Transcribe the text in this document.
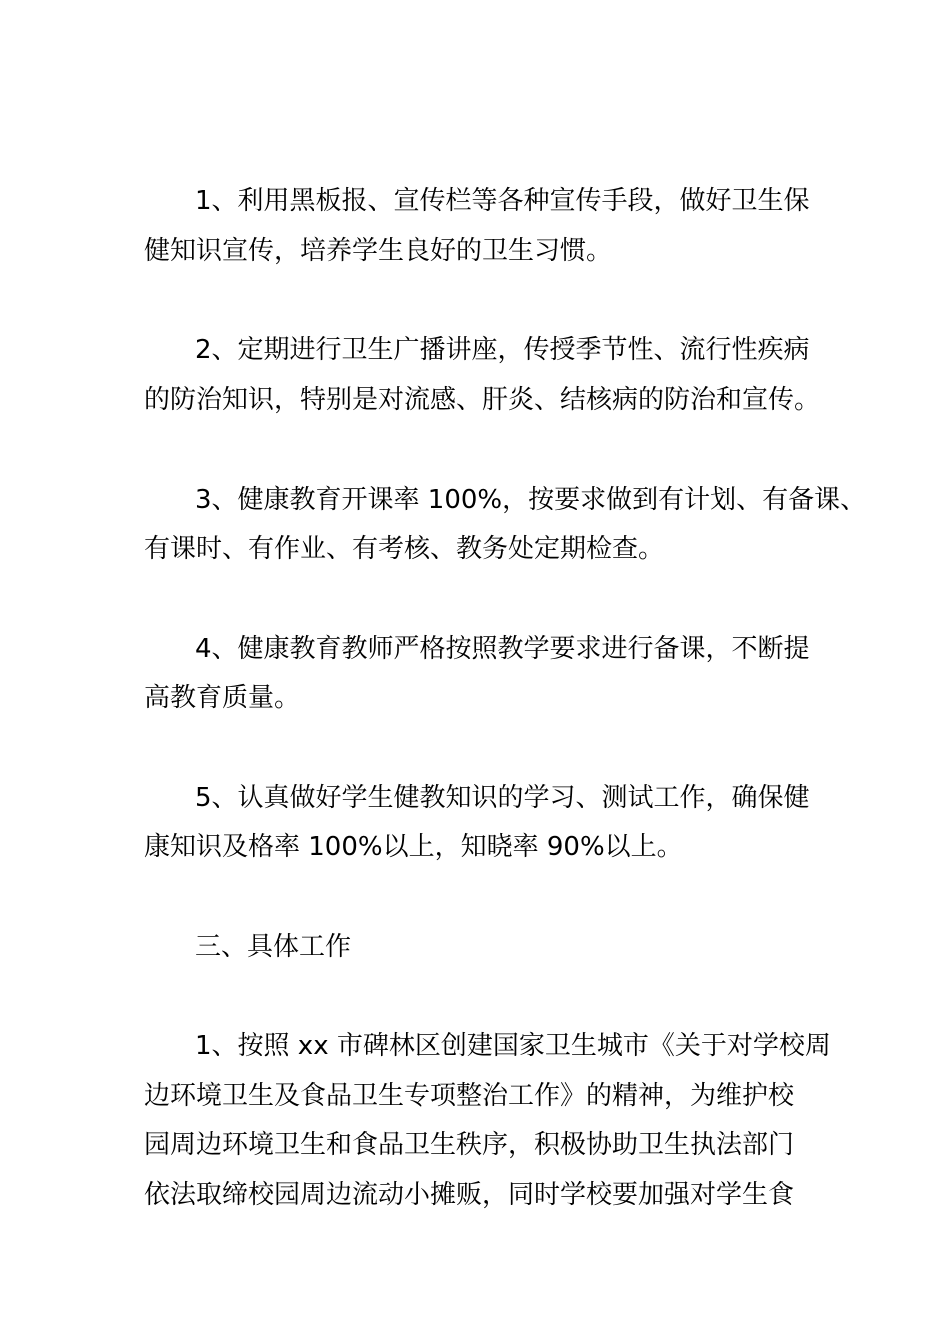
1、利用黑板报、宣传栏等各种宣传手段，做好卫生保

健知识宣传，培养学生良好的卫生习惯。

2、定期进行卫生广播讲座，传授季节性、流行性疾病

的防治知识，特别是对流感、肝炎、结核病的防治和宣传。

3、健康教育开课率 100%，按要求做到有计划、有备课、

有课时、有作业、有考核、教务处定期检查。

4、健康教育教师严格按照教学要求进行备课，不断提

高教育质量。

5、认真做好学生健教知识的学习、测试工作，确保健

康知识及格率 100%以上，知晓率 90%以上。

三、具体工作

1、按照 xx 市碑林区创建国家卫生城市《关于对学校周

边环境卫生及食品卫生专项整治工作》的精神，为维护校

园周边环境卫生和食品卫生秩序，积极协助卫生执法部门

依法取缔校园周边流动小摊贩，同时学校要加强对学生食
